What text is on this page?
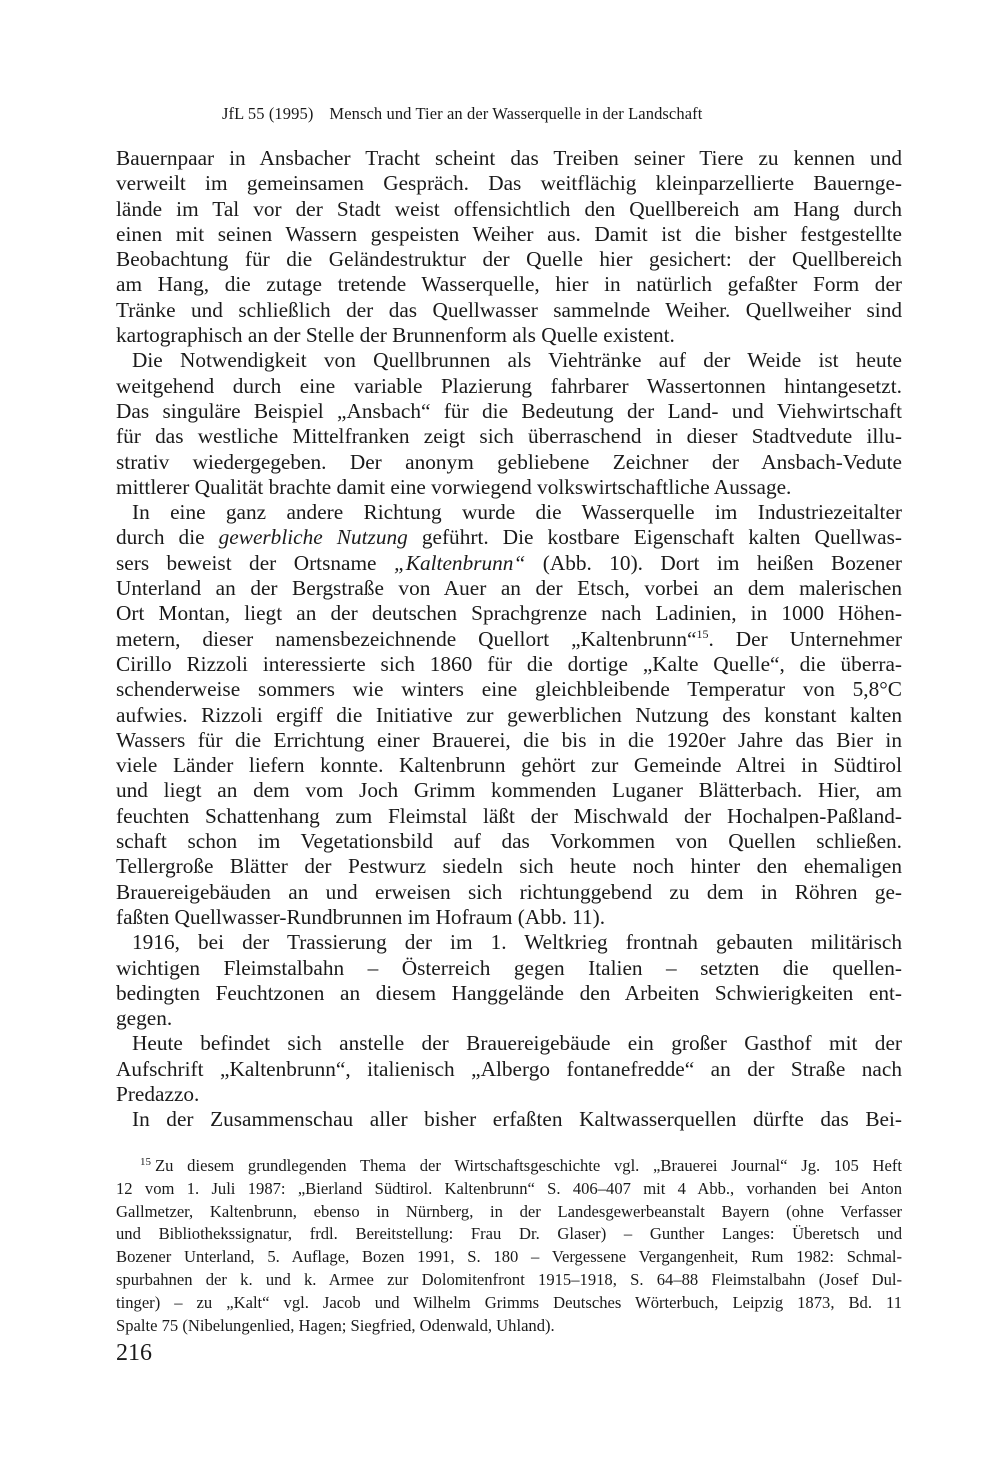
JfL 55 (1995) Mensch und Tier an der Wasserquelle in der Landschaft
Bauernpaar in Ansbacher Tracht scheint das Treiben seiner Tiere zu kennen und
verweilt im gemeinsamen Gespräch. Das weitflächig kleinparzellierte Bauernge-
lände im Tal vor der Stadt weist offensichtlich den Quellbereich am Hang durch
einen mit seinen Wassern gespeisten Weiher aus. Damit ist die bisher festgestellte
Beobachtung für die Geländestruktur der Quelle hier gesichert: der Quellbereich
am Hang, die zutage tretende Wasserquelle, hier in natürlich gefaßter Form der
Tränke und schließlich der das Quellwasser sammelnde Weiher. Quellweiher sind
kartographisch an der Stelle der Brunnenform als Quelle existent.
Die Notwendigkeit von Quellbrunnen als Viehtränke auf der Weide ist heute
weitgehend durch eine variable Plazierung fahrbarer Wassertonnen hintangesetzt.
Das singuläre Beispiel „Ansbach“ für die Bedeutung der Land- und Viehwirtschaft
für das westliche Mittelfranken zeigt sich überraschend in dieser Stadtvedute illu-
strativ wiedergegeben. Der anonym gebliebene Zeichner der Ansbach-Vedute
mittlerer Qualität brachte damit eine vorwiegend volkswirtschaftliche Aussage.
In eine ganz andere Richtung wurde die Wasserquelle im Industriezeitalter
durch die gewerbliche Nutzung geführt. Die kostbare Eigenschaft kalten Quellwas-
sers beweist der Ortsname „Kaltenbrunn“ (Abb. 10). Dort im heißen Bozener
Unterland an der Bergstraße von Auer an der Etsch, vorbei an dem malerischen
Ort Montan, liegt an der deutschen Sprachgrenze nach Ladinien, in 1000 Höhen-
metern, dieser namensbezeichnende Quellort „Kaltenbrunn“$^{15}$. Der Unternehmer
Cirillo Rizzoli interessierte sich 1860 für die dortige „Kalte Quelle“, die überra-
schenderweise sommers wie winters eine gleichbleibende Temperatur von 5,8°C
aufwies. Rizzoli ergiff die Initiative zur gewerblichen Nutzung des konstant kalten
Wassers für die Errichtung einer Brauerei, die bis in die 1920er Jahre das Bier in
viele Länder liefern konnte. Kaltenbrunn gehört zur Gemeinde Altrei in Südtirol
und liegt an dem vom Joch Grimm kommenden Luganer Blätterbach. Hier, am
feuchten Schattenhang zum Fleimstal läßt der Mischwald der Hochalpen-Paßland-
schaft schon im Vegetationsbild auf das Vorkommen von Quellen schließen.
Tellergroße Blätter der Pestwurz siedeln sich heute noch hinter den ehemaligen
Brauereigebäuden an und erweisen sich richtunggebend zu dem in Röhren ge-
faßten Quellwasser-Rundbrunnen im Hofraum (Abb. 11).
1916, bei der Trassierung der im 1. Weltkrieg frontnah gebauten militärisch
wichtigen Fleimstalbahn – Österreich gegen Italien – setzten die quellen-
bedingten Feuchtzonen an diesem Hanggelände den Arbeiten Schwierigkeiten ent-
gegen.
Heute befindet sich anstelle der Brauereigebäude ein großer Gasthof mit der
Aufschrift „Kaltenbrunn“, italienisch „Albergo fontanefredde“ an der Straße nach
Predazzo.
In der Zusammenschau aller bisher erfaßten Kaltwasserquellen dürfte das Bei-
$^{15}$ Zu diesem grundlegenden Thema der Wirtschaftsgeschichte vgl. „Brauerei Journal“ Jg. 105 Heft
12 vom 1. Juli 1987: „Bierland Südtirol. Kaltenbrunn“ S. 406–407 mit 4 Abb., vorhanden bei Anton
Gallmetzer, Kaltenbrunn, ebenso in Nürnberg, in der Landesgewerbeanstalt Bayern (ohne Verfasser
und Bibliothekssignatur, frdl. Bereitstellung: Frau Dr. Glaser) – Gunther Langes: Überetsch und
Bozener Unterland, 5. Auflage, Bozen 1991, S. 180 – Vergessene Vergangenheit, Rum 1982: Schmal-
spurbahnen der k. und k. Armee zur Dolomitenfront 1915–1918, S. 64–88 Fleimstalbahn (Josef Dul-
tinger) – zu „Kalt“ vgl. Jacob und Wilhelm Grimms Deutsches Wörterbuch, Leipzig 1873, Bd. 11
Spalte 75 (Nibelungenlied, Hagen; Siegfried, Odenwald, Uhland).
216
